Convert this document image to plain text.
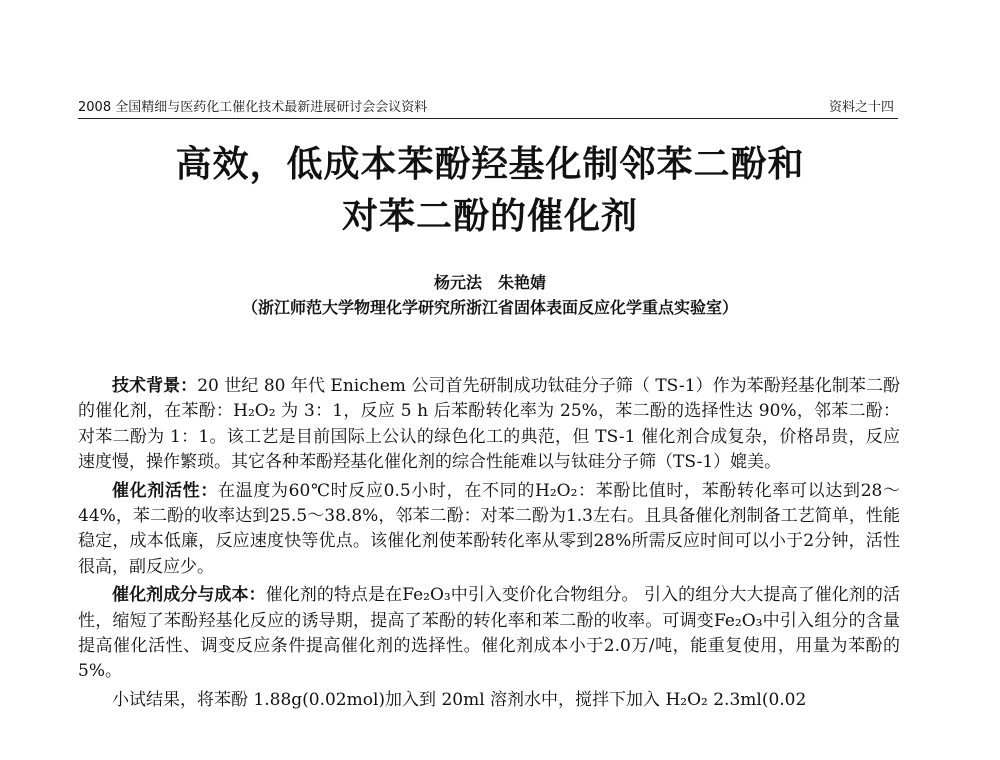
2008 全国精细与医药化工催化技术最新进展研讨会会议资料	资料之十四
高效，低成本苯酚羟基化制邻苯二酚和
对苯二酚的催化剂
杨元法　朱艳婧
（浙江师范大学物理化学研究所浙江省固体表面反应化学重点实验室）

技术背景：20 世纪 80 年代 Enichem 公司首先研制成功钛硅分子筛（ TS-1）作为苯酚羟基化制苯二酚的催化剂，在苯酚：H₂O₂ 为 3：1，反应 5 h 后苯酚转化率为 25%，苯二酚的选择性达 90%，邻苯二酚：对苯二酚为 1：1。该工艺是目前国际上公认的绿色化工的典范，但 TS-1 催化剂合成复杂，价格昂贵，反应速度慢，操作繁琐。其它各种苯酚羟基化催化剂的综合性能难以与钛硅分子筛（TS-1）媲美。

催化剂活性：在温度为60℃时反应0.5小时，在不同的H₂O₂：苯酚比值时，苯酚转化率可以达到28～44%，苯二酚的收率达到25.5～38.8%，邻苯二酚：对苯二酚为1.3左右。且具备催化剂制备工艺简单，性能稳定，成本低廉，反应速度快等优点。该催化剂使苯酚转化率从零到28%所需反应时间可以小于2分钟，活性很高，副反应少。

催化剂成分与成本：催化剂的特点是在Fe₂O₃中引入变价化合物组分。 引入的组分大大提高了催化剂的活性，缩短了苯酚羟基化反应的诱导期，提高了苯酚的转化率和苯二酚的收率。可调变Fe₂O₃中引入组分的含量提高催化活性、调变反应条件提高催化剂的选择性。催化剂成本小于2.0万/吨，能重复使用，用量为苯酚的5%。

小试结果，将苯酚 1.88g(0.02mol)加入到 20ml 溶剂水中，搅拌下加入 H₂O₂ 2.3ml(0.02
